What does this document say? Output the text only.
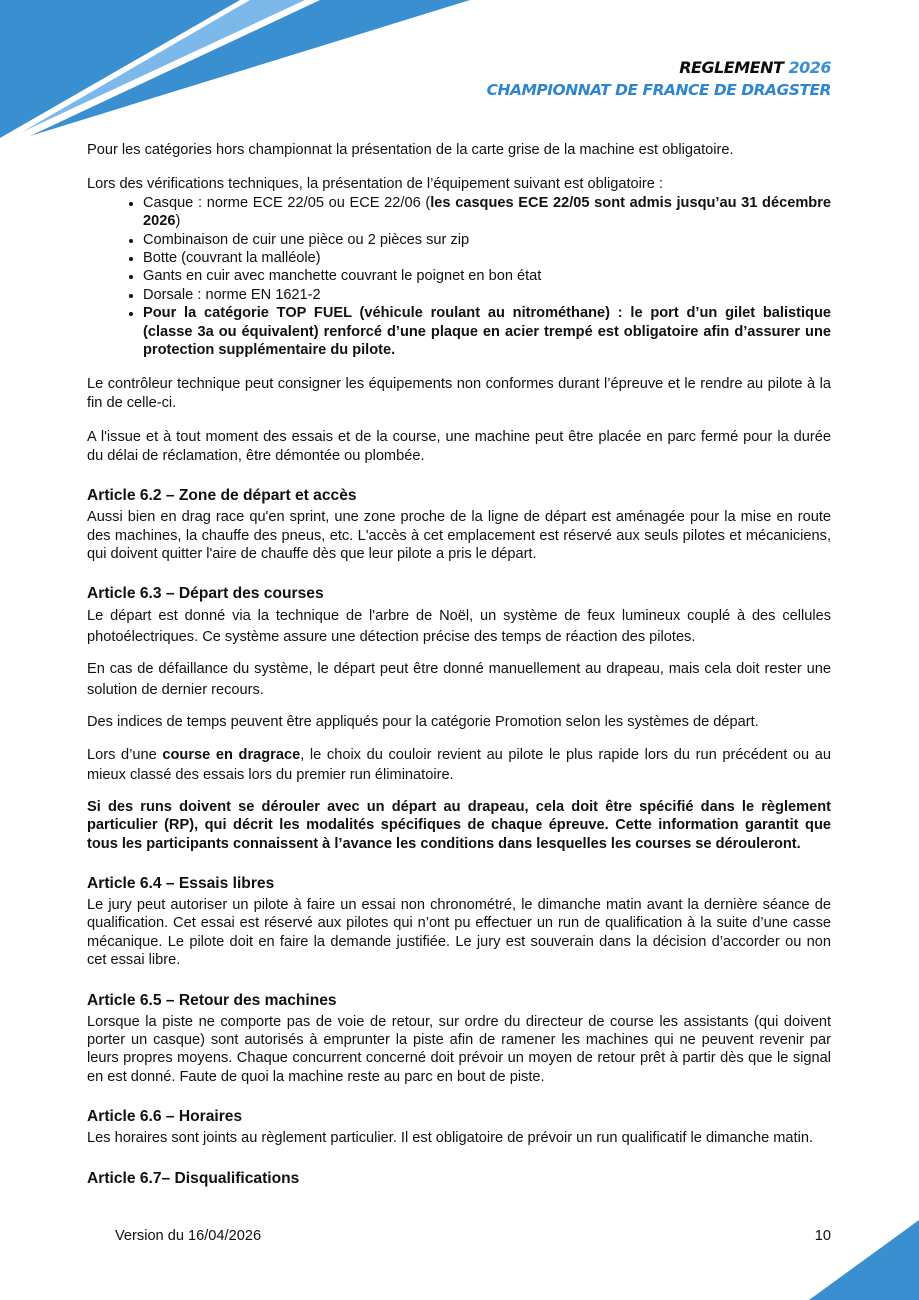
REGLEMENT 2026
CHAMPIONNAT DE FRANCE DE DRAGSTER

Pour les catégories hors championnat la présentation de la carte grise de la machine est obligatoire.

Lors des vérifications techniques, la présentation de l’équipement suivant est obligatoire :

• Casque : norme ECE 22/05 ou ECE 22/06 (les casques ECE 22/05 sont admis jusqu’au 31 décembre 2026)
• Combinaison de cuir une pièce ou 2 pièces sur zip
• Botte (couvrant la malléole)
• Gants en cuir avec manchette couvrant le poignet en bon état
• Dorsale : norme EN 1621-2
• Pour la catégorie TOP FUEL (véhicule roulant au nitrométhane) : le port d’un gilet balistique (classe 3a ou équivalent) renforcé d’une plaque en acier trempé est obligatoire afin d’assurer une protection supplémentaire du pilote.

Le contrôleur technique peut consigner les équipements non conformes durant l’épreuve et le rendre au pilote à la fin de celle-ci.

A l'issue et à tout moment des essais et de la course, une machine peut être placée en parc fermé pour la durée du délai de réclamation, être démontée ou plombée.

Article 6.2 – Zone de départ et accès

Aussi bien en drag race qu'en sprint, une zone proche de la ligne de départ est aménagée pour la mise en route des machines, la chauffe des pneus, etc. L'accès à cet emplacement est réservé aux seuls pilotes et mécaniciens, qui doivent quitter l'aire de chauffe dès que leur pilote a pris le départ.

Article 6.3 – Départ des courses

Le départ est donné via la technique de l'arbre de Noël, un système de feux lumineux couplé à des cellules photoélectriques. Ce système assure une détection précise des temps de réaction des pilotes.

En cas de défaillance du système, le départ peut être donné manuellement au drapeau, mais cela doit rester une solution de dernier recours.

Des indices de temps peuvent être appliqués pour la catégorie Promotion selon les systèmes de départ.

Lors d’une course en dragrace, le choix du couloir revient au pilote le plus rapide lors du run précédent ou au mieux classé des essais lors du premier run éliminatoire.

Si des runs doivent se dérouler avec un départ au drapeau, cela doit être spécifié dans le règlement particulier (RP), qui décrit les modalités spécifiques de chaque épreuve. Cette information garantit que tous les participants connaissent à l’avance les conditions dans lesquelles les courses se dérouleront.

Article 6.4 – Essais libres

Le jury peut autoriser un pilote à faire un essai non chronométré, le dimanche matin avant la dernière séance de qualification. Cet essai est réservé aux pilotes qui n’ont pu effectuer un run de qualification à la suite d’une casse mécanique. Le pilote doit en faire la demande justifiée. Le jury est souverain dans la décision d’accorder ou non cet essai libre.

Article 6.5 – Retour des machines

Lorsque la piste ne comporte pas de voie de retour, sur ordre du directeur de course les assistants (qui doivent porter un casque) sont autorisés à emprunter la piste afin de ramener les machines qui ne peuvent revenir par leurs propres moyens. Chaque concurrent concerné doit prévoir un moyen de retour prêt à partir dès que le signal en est donné. Faute de quoi la machine reste au parc en bout de piste.

Article 6.6 – Horaires

Les horaires sont joints au règlement particulier. Il est obligatoire de prévoir un run qualificatif le dimanche matin.

Article 6.7– Disqualifications
Version du 16/04/2026	10
